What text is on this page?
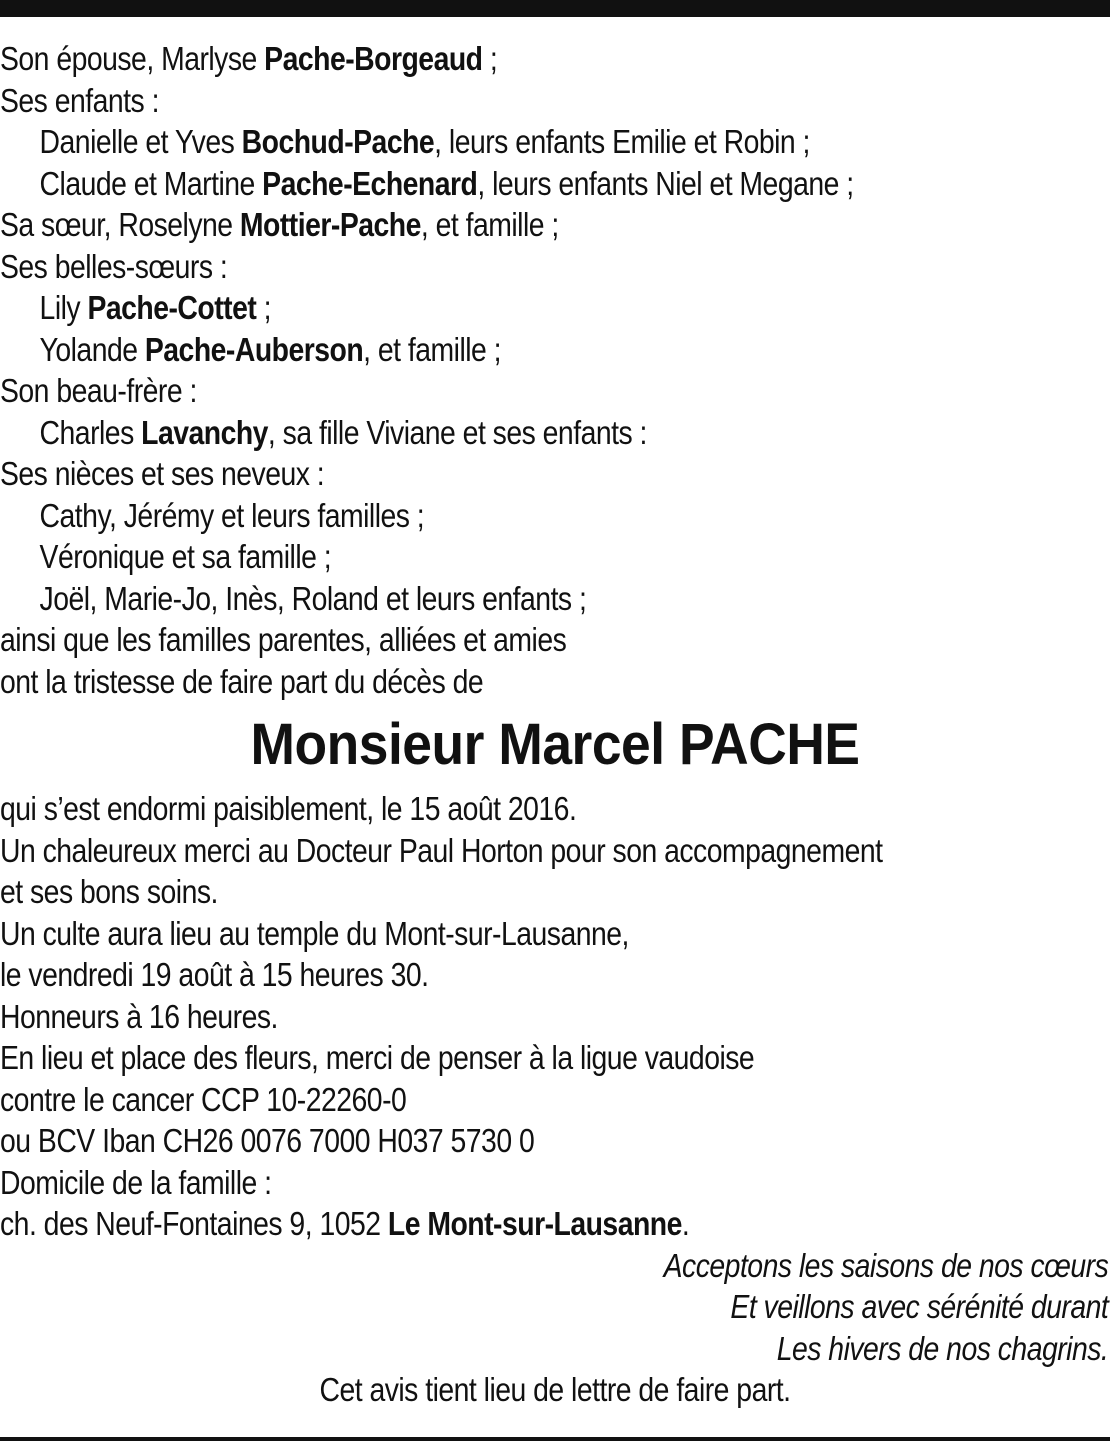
Son épouse, Marlyse Pache-Borgeaud ;
Ses enfants :
Danielle et Yves Bochud-Pache, leurs enfants Emilie et Robin ;
Claude et Martine Pache-Echenard, leurs enfants Niel et Megane ;
Sa sœur, Roselyne Mottier-Pache, et famille ;
Ses belles-sœurs :
Lily Pache-Cottet ;
Yolande Pache-Auberson, et famille ;
Son beau-frère :
Charles Lavanchy, sa fille Viviane et ses enfants :
Ses nièces et ses neveux :
Cathy, Jérémy et leurs familles ;
Véronique et sa famille ;
Joël, Marie-Jo, Inès, Roland et leurs enfants ;
ainsi que les familles parentes, alliées et amies
ont la tristesse de faire part du décès de
Monsieur Marcel PACHE
qui s’est endormi paisiblement, le 15 août 2016.
Un chaleureux merci au Docteur Paul Horton pour son accompagnement
et ses bons soins.
Un culte aura lieu au temple du Mont-sur-Lausanne,
le vendredi 19 août à 15 heures 30.
Honneurs à 16 heures.
En lieu et place des fleurs, merci de penser à la ligue vaudoise
contre le cancer CCP 10-22260-0
ou BCV Iban CH26 0076 7000 H037 5730 0
Domicile de la famille :
ch. des Neuf-Fontaines 9, 1052 Le Mont-sur-Lausanne.
Acceptons les saisons de nos cœurs
Et veillons avec sérénité durant
Les hivers de nos chagrins.
Cet avis tient lieu de lettre de faire part.
